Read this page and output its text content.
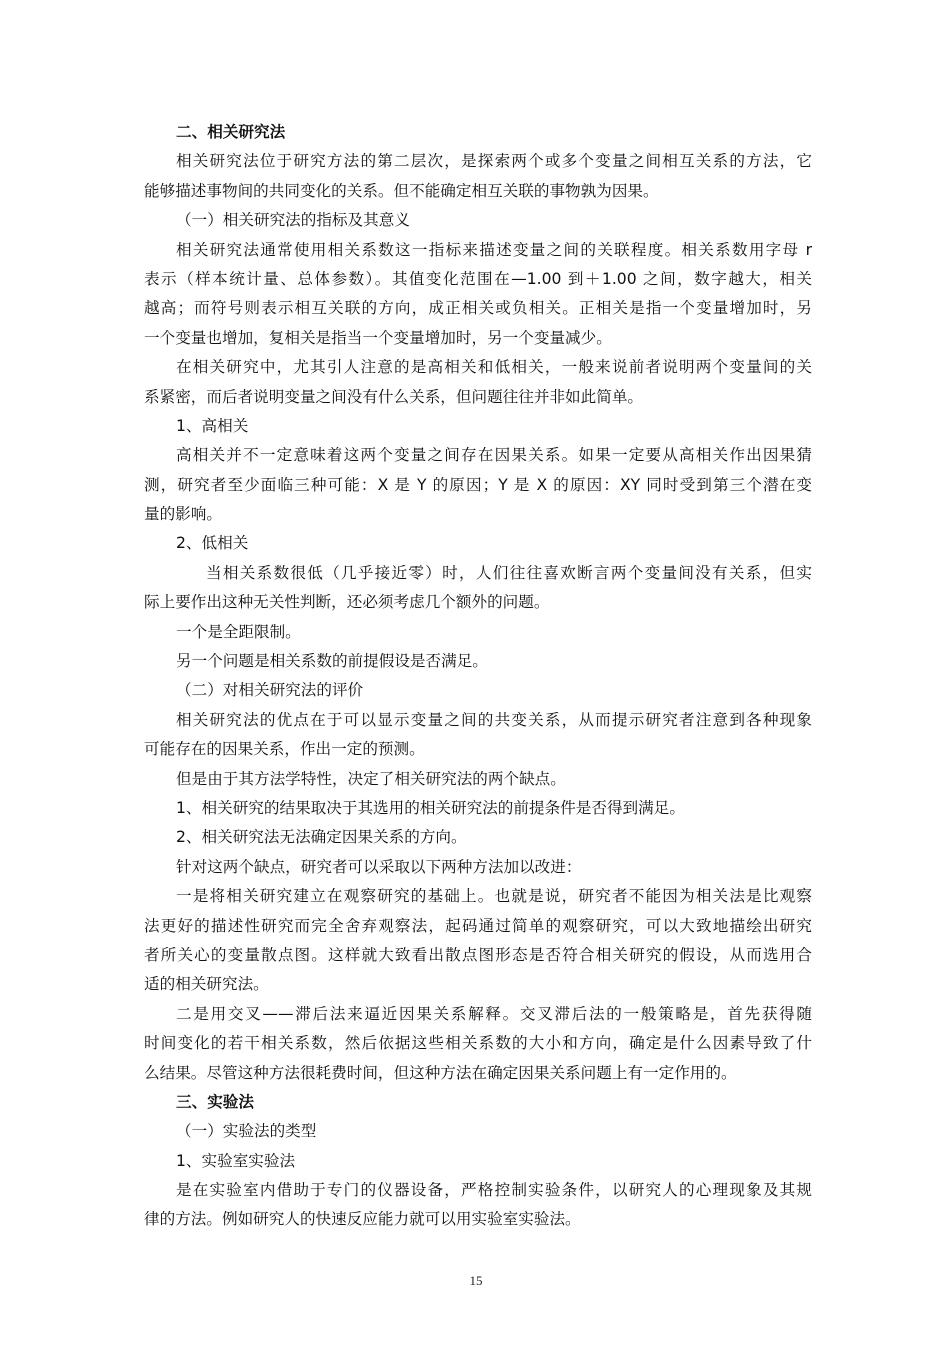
二、相关研究法
相关研究法位于研究方法的第二层次，是探索两个或多个变量之间相互关系的方法，它
能够描述事物间的共同变化的关系。但不能确定相互关联的事物孰为因果。
（一）相关研究法的指标及其意义
相关研究法通常使用相关系数这一指标来描述变量之间的关联程度。相关系数用字母 r
表示（样本统计量、总体参数）。其值变化范围在—1.00 到＋1.00 之间，数字越大，相关
越高；而符号则表示相互关联的方向，成正相关或负相关。正相关是指一个变量增加时，另
一个变量也增加，复相关是指当一个变量增加时，另一个变量减少。
在相关研究中，尤其引人注意的是高相关和低相关，一般来说前者说明两个变量间的关
系紧密，而后者说明变量之间没有什么关系，但问题往往并非如此简单。
1、高相关
高相关并不一定意味着这两个变量之间存在因果关系。如果一定要从高相关作出因果猜
测，研究者至少面临三种可能：X 是 Y 的原因；Y 是 X 的原因：XY 同时受到第三个潜在变
量的影响。
2、低相关
当相关系数很低（几乎接近零）时，人们往往喜欢断言两个变量间没有关系，但实
际上要作出这种无关性判断，还必须考虑几个额外的问题。
一个是全距限制。
另一个问题是相关系数的前提假设是否满足。
（二）对相关研究法的评价
相关研究法的优点在于可以显示变量之间的共变关系，从而提示研究者注意到各种现象
可能存在的因果关系，作出一定的预测。
但是由于其方法学特性，决定了相关研究法的两个缺点。
1、相关研究的结果取决于其选用的相关研究法的前提条件是否得到满足。
2、相关研究法无法确定因果关系的方向。
针对这两个缺点，研究者可以采取以下两种方法加以改进：
一是将相关研究建立在观察研究的基础上。也就是说，研究者不能因为相关法是比观察
法更好的描述性研究而完全舍弃观察法，起码通过简单的观察研究，可以大致地描绘出研究
者所关心的变量散点图。这样就大致看出散点图形态是否符合相关研究的假设，从而选用合
适的相关研究法。
二是用交叉——滞后法来逼近因果关系解释。交叉滞后法的一般策略是，首先获得随
时间变化的若干相关系数，然后依据这些相关系数的大小和方向，确定是什么因素导致了什
么结果。尽管这种方法很耗费时间，但这种方法在确定因果关系问题上有一定作用的。
三、实验法
（一）实验法的类型
1、实验室实验法
是在实验室内借助于专门的仪器设备，严格控制实验条件，以研究人的心理现象及其规
律的方法。例如研究人的快速反应能力就可以用实验室实验法。
15
